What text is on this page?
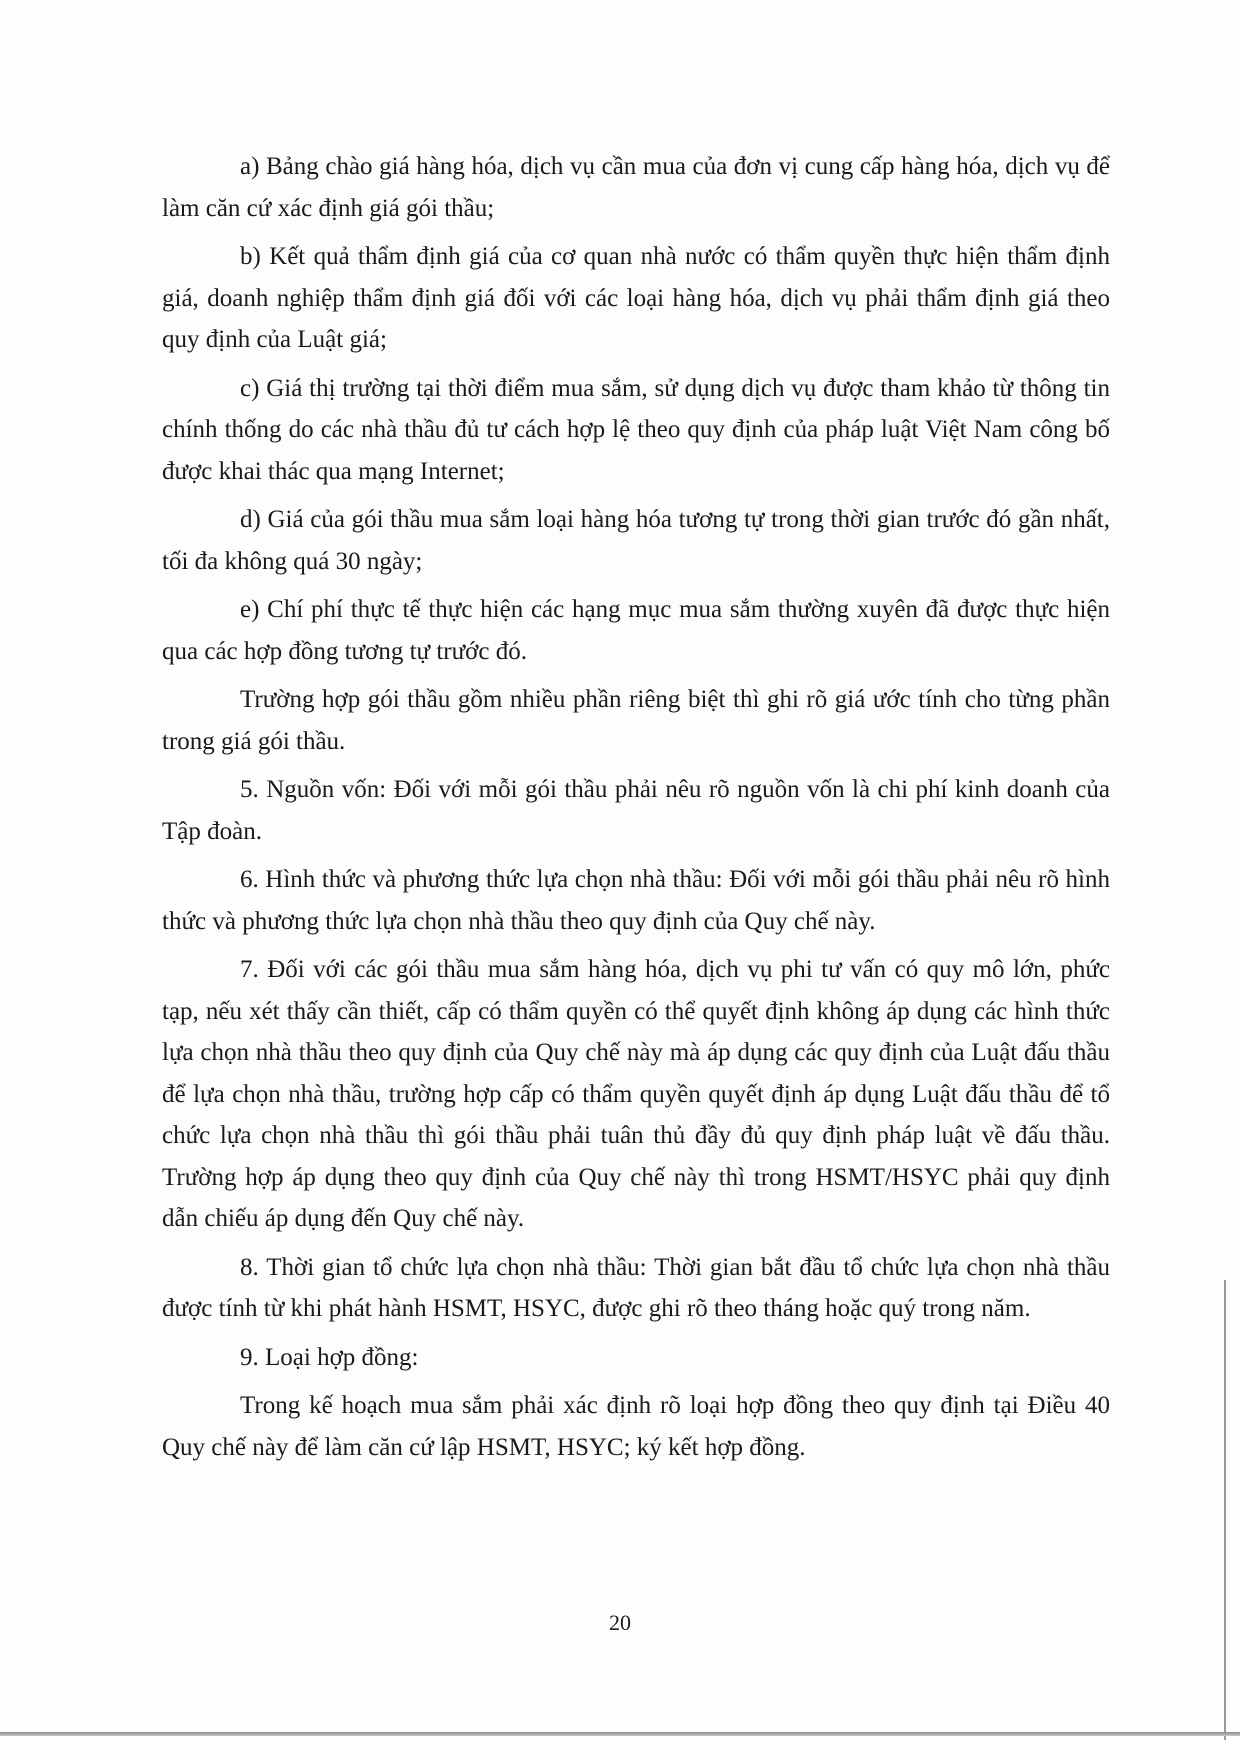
a) Bảng chào giá hàng hóa, dịch vụ cần mua của đơn vị cung cấp hàng hóa, dịch vụ để làm căn cứ xác định giá gói thầu;

b) Kết quả thẩm định giá của cơ quan nhà nước có thẩm quyền thực hiện thẩm định giá, doanh nghiệp thẩm định giá đối với các loại hàng hóa, dịch vụ phải thẩm định giá theo quy định của Luật giá;

c) Giá thị trường tại thời điểm mua sắm, sử dụng dịch vụ được tham khảo từ thông tin chính thống do các nhà thầu đủ tư cách hợp lệ theo quy định của pháp luật Việt Nam công bố được khai thác qua mạng Internet;

d) Giá của gói thầu mua sắm loại hàng hóa tương tự trong thời gian trước đó gần nhất, tối đa không quá 30 ngày;

e) Chí phí thực tế thực hiện các hạng mục mua sắm thường xuyên đã được thực hiện qua các hợp đồng tương tự trước đó.

Trường hợp gói thầu gồm nhiều phần riêng biệt thì ghi rõ giá ước tính cho từng phần trong giá gói thầu.

5. Nguồn vốn: Đối với mỗi gói thầu phải nêu rõ nguồn vốn là chi phí kinh doanh của Tập đoàn.

6. Hình thức và phương thức lựa chọn nhà thầu: Đối với mỗi gói thầu phải nêu rõ hình thức và phương thức lựa chọn nhà thầu theo quy định của Quy chế này.

7. Đối với các gói thầu mua sắm hàng hóa, dịch vụ phi tư vấn có quy mô lớn, phức tạp, nếu xét thấy cần thiết, cấp có thẩm quyền có thể quyết định không áp dụng các hình thức lựa chọn nhà thầu theo quy định của Quy chế này mà áp dụng các quy định của Luật đấu thầu để lựa chọn nhà thầu, trường hợp cấp có thẩm quyền quyết định áp dụng Luật đấu thầu để tổ chức lựa chọn nhà thầu thì gói thầu phải tuân thủ đầy đủ quy định pháp luật về đấu thầu. Trường hợp áp dụng theo quy định của Quy chế này thì trong HSMT/HSYC phải quy định dẫn chiếu áp dụng đến Quy chế này.

8. Thời gian tổ chức lựa chọn nhà thầu: Thời gian bắt đầu tổ chức lựa chọn nhà thầu được tính từ khi phát hành HSMT, HSYC, được ghi rõ theo tháng hoặc quý trong năm.

9. Loại hợp đồng:

Trong kế hoạch mua sắm phải xác định rõ loại hợp đồng theo quy định tại Điều 40 Quy chế này để làm căn cứ lập HSMT, HSYC; ký kết hợp đồng.

20
